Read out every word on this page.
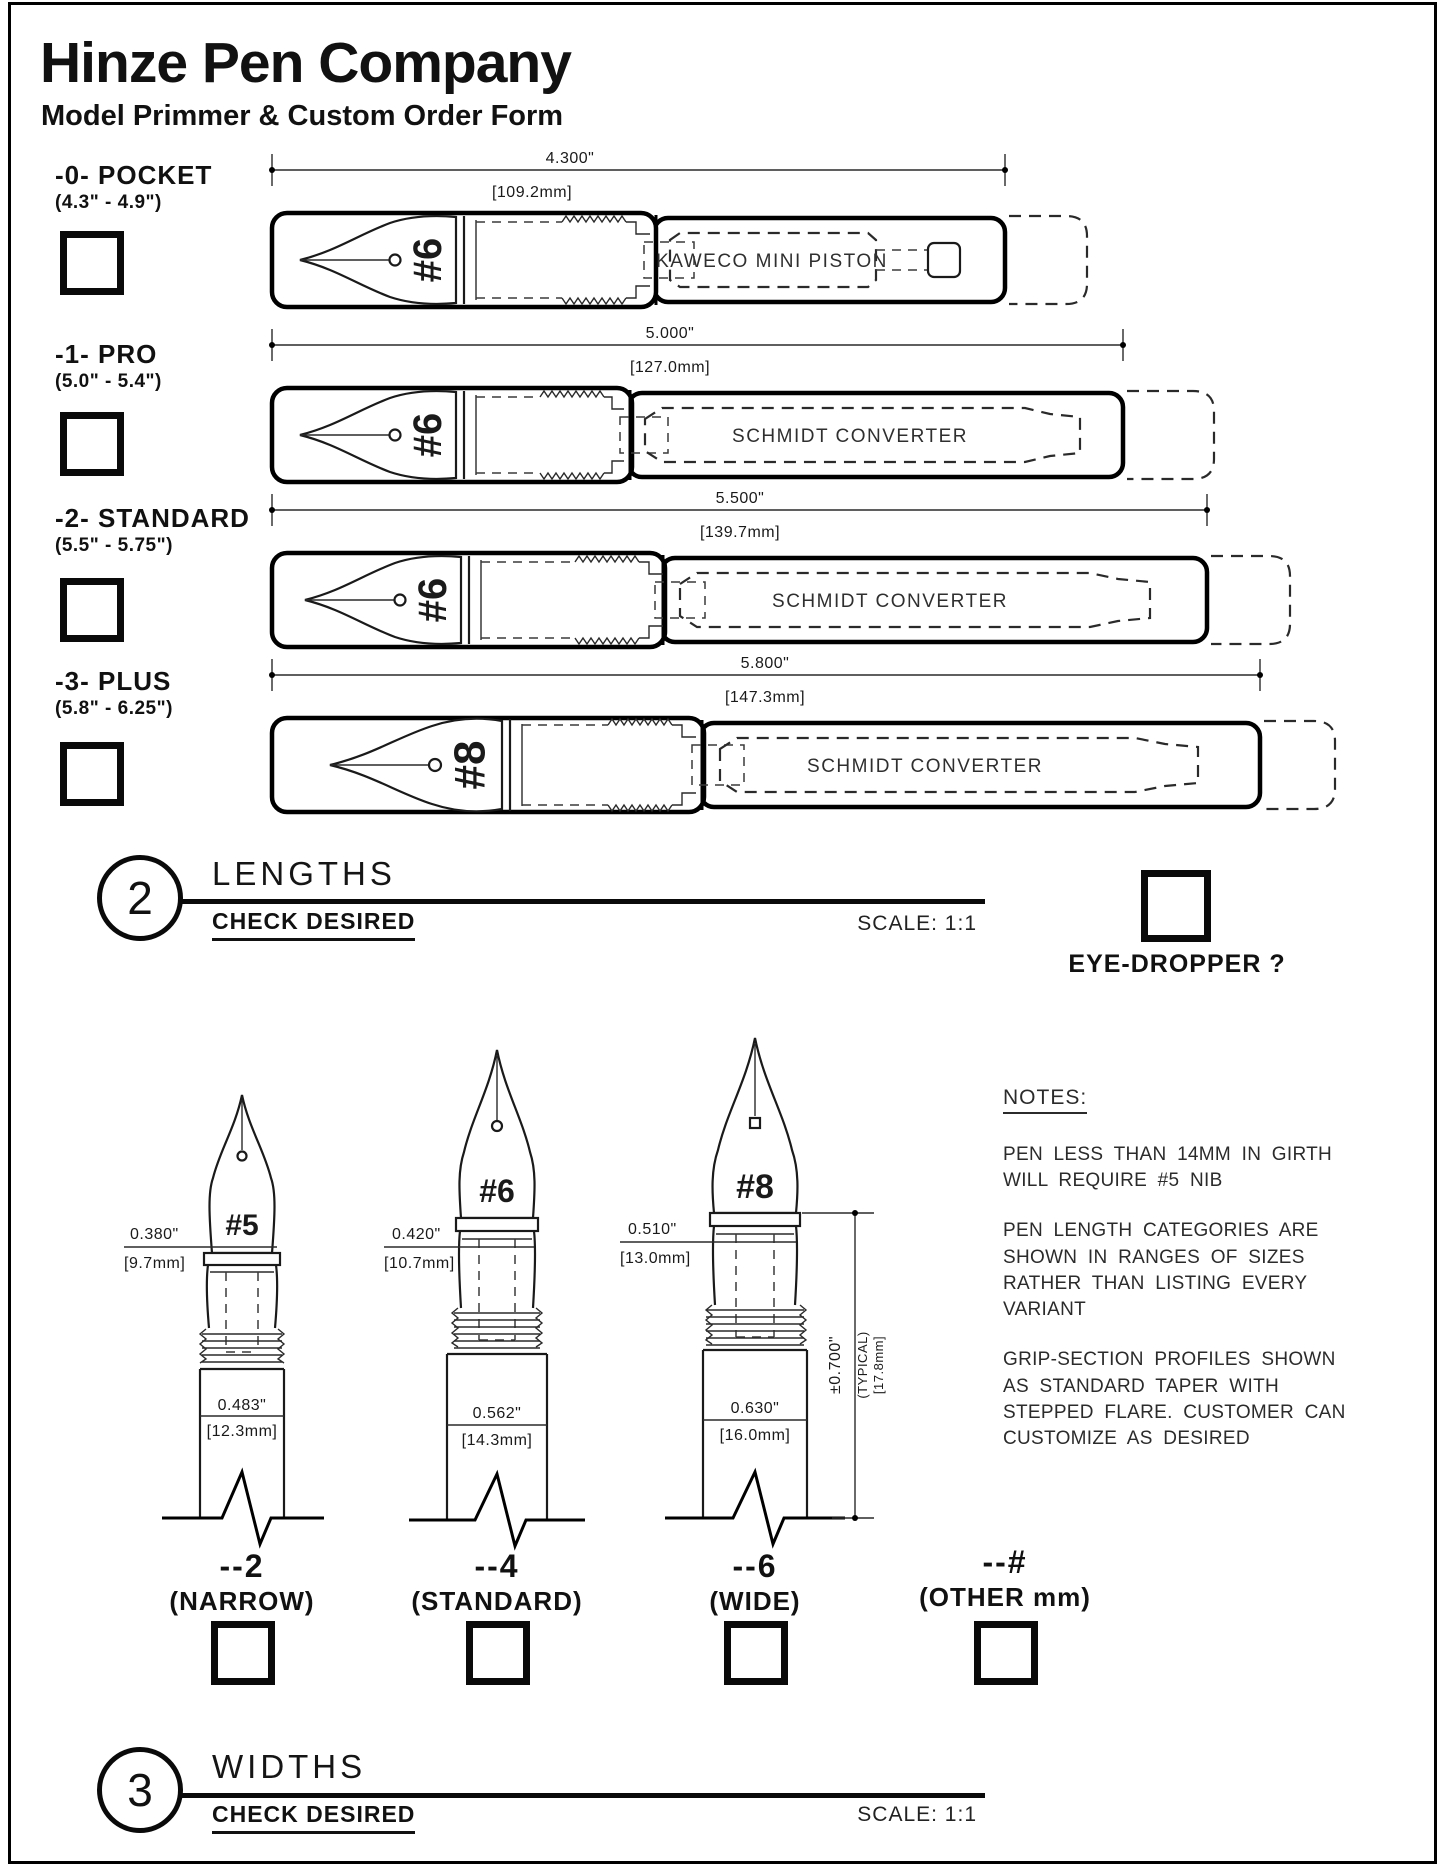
Hinze Pen Company
Model Primmer & Custom Order Form
-0- POCKET
(4.3" - 4.9")
4.300"
[109.2mm]
#6	KAWECO MINI PISTON
-1- PRO
(5.0" - 5.4")
5.000"
[127.0mm]
#6	SCHMIDT CONVERTER
-2- STANDARD
(5.5" - 5.75")
5.500"
[139.7mm]
#6	SCHMIDT CONVERTER
-3- PLUS
(5.8" - 6.25")
5.800"
[147.3mm]
#8	SCHMIDT CONVERTER
2 LENGTHS
CHECK DESIRED	SCALE: 1:1
EYE-DROPPER ?
#5
0.483"
[12.3mm]
0.380"
[9.7mm]
#6
0.420"
[10.7mm]
0.562"
[14.3mm]
#8
0.510"
[13.0mm]
0.630"
[16.0mm]
±0.700" (TYPICAL) [17.8mm]
--2
(NARROW)
--4
(STANDARD)
--6
(WIDE)
--#
(OTHER mm)
NOTES:
PEN LESS THAN 14MM IN GIRTH WILL REQUIRE #5 NIB
PEN LENGTH CATEGORIES ARE SHOWN IN RANGES OF SIZES RATHER THAN LISTING EVERY VARIANT
GRIP-SECTION PROFILES SHOWN AS STANDARD TAPER WITH STEPPED FLARE. CUSTOMER CAN CUSTOMIZE AS DESIRED
3 WIDTHS
CHECK DESIRED	SCALE: 1:1
